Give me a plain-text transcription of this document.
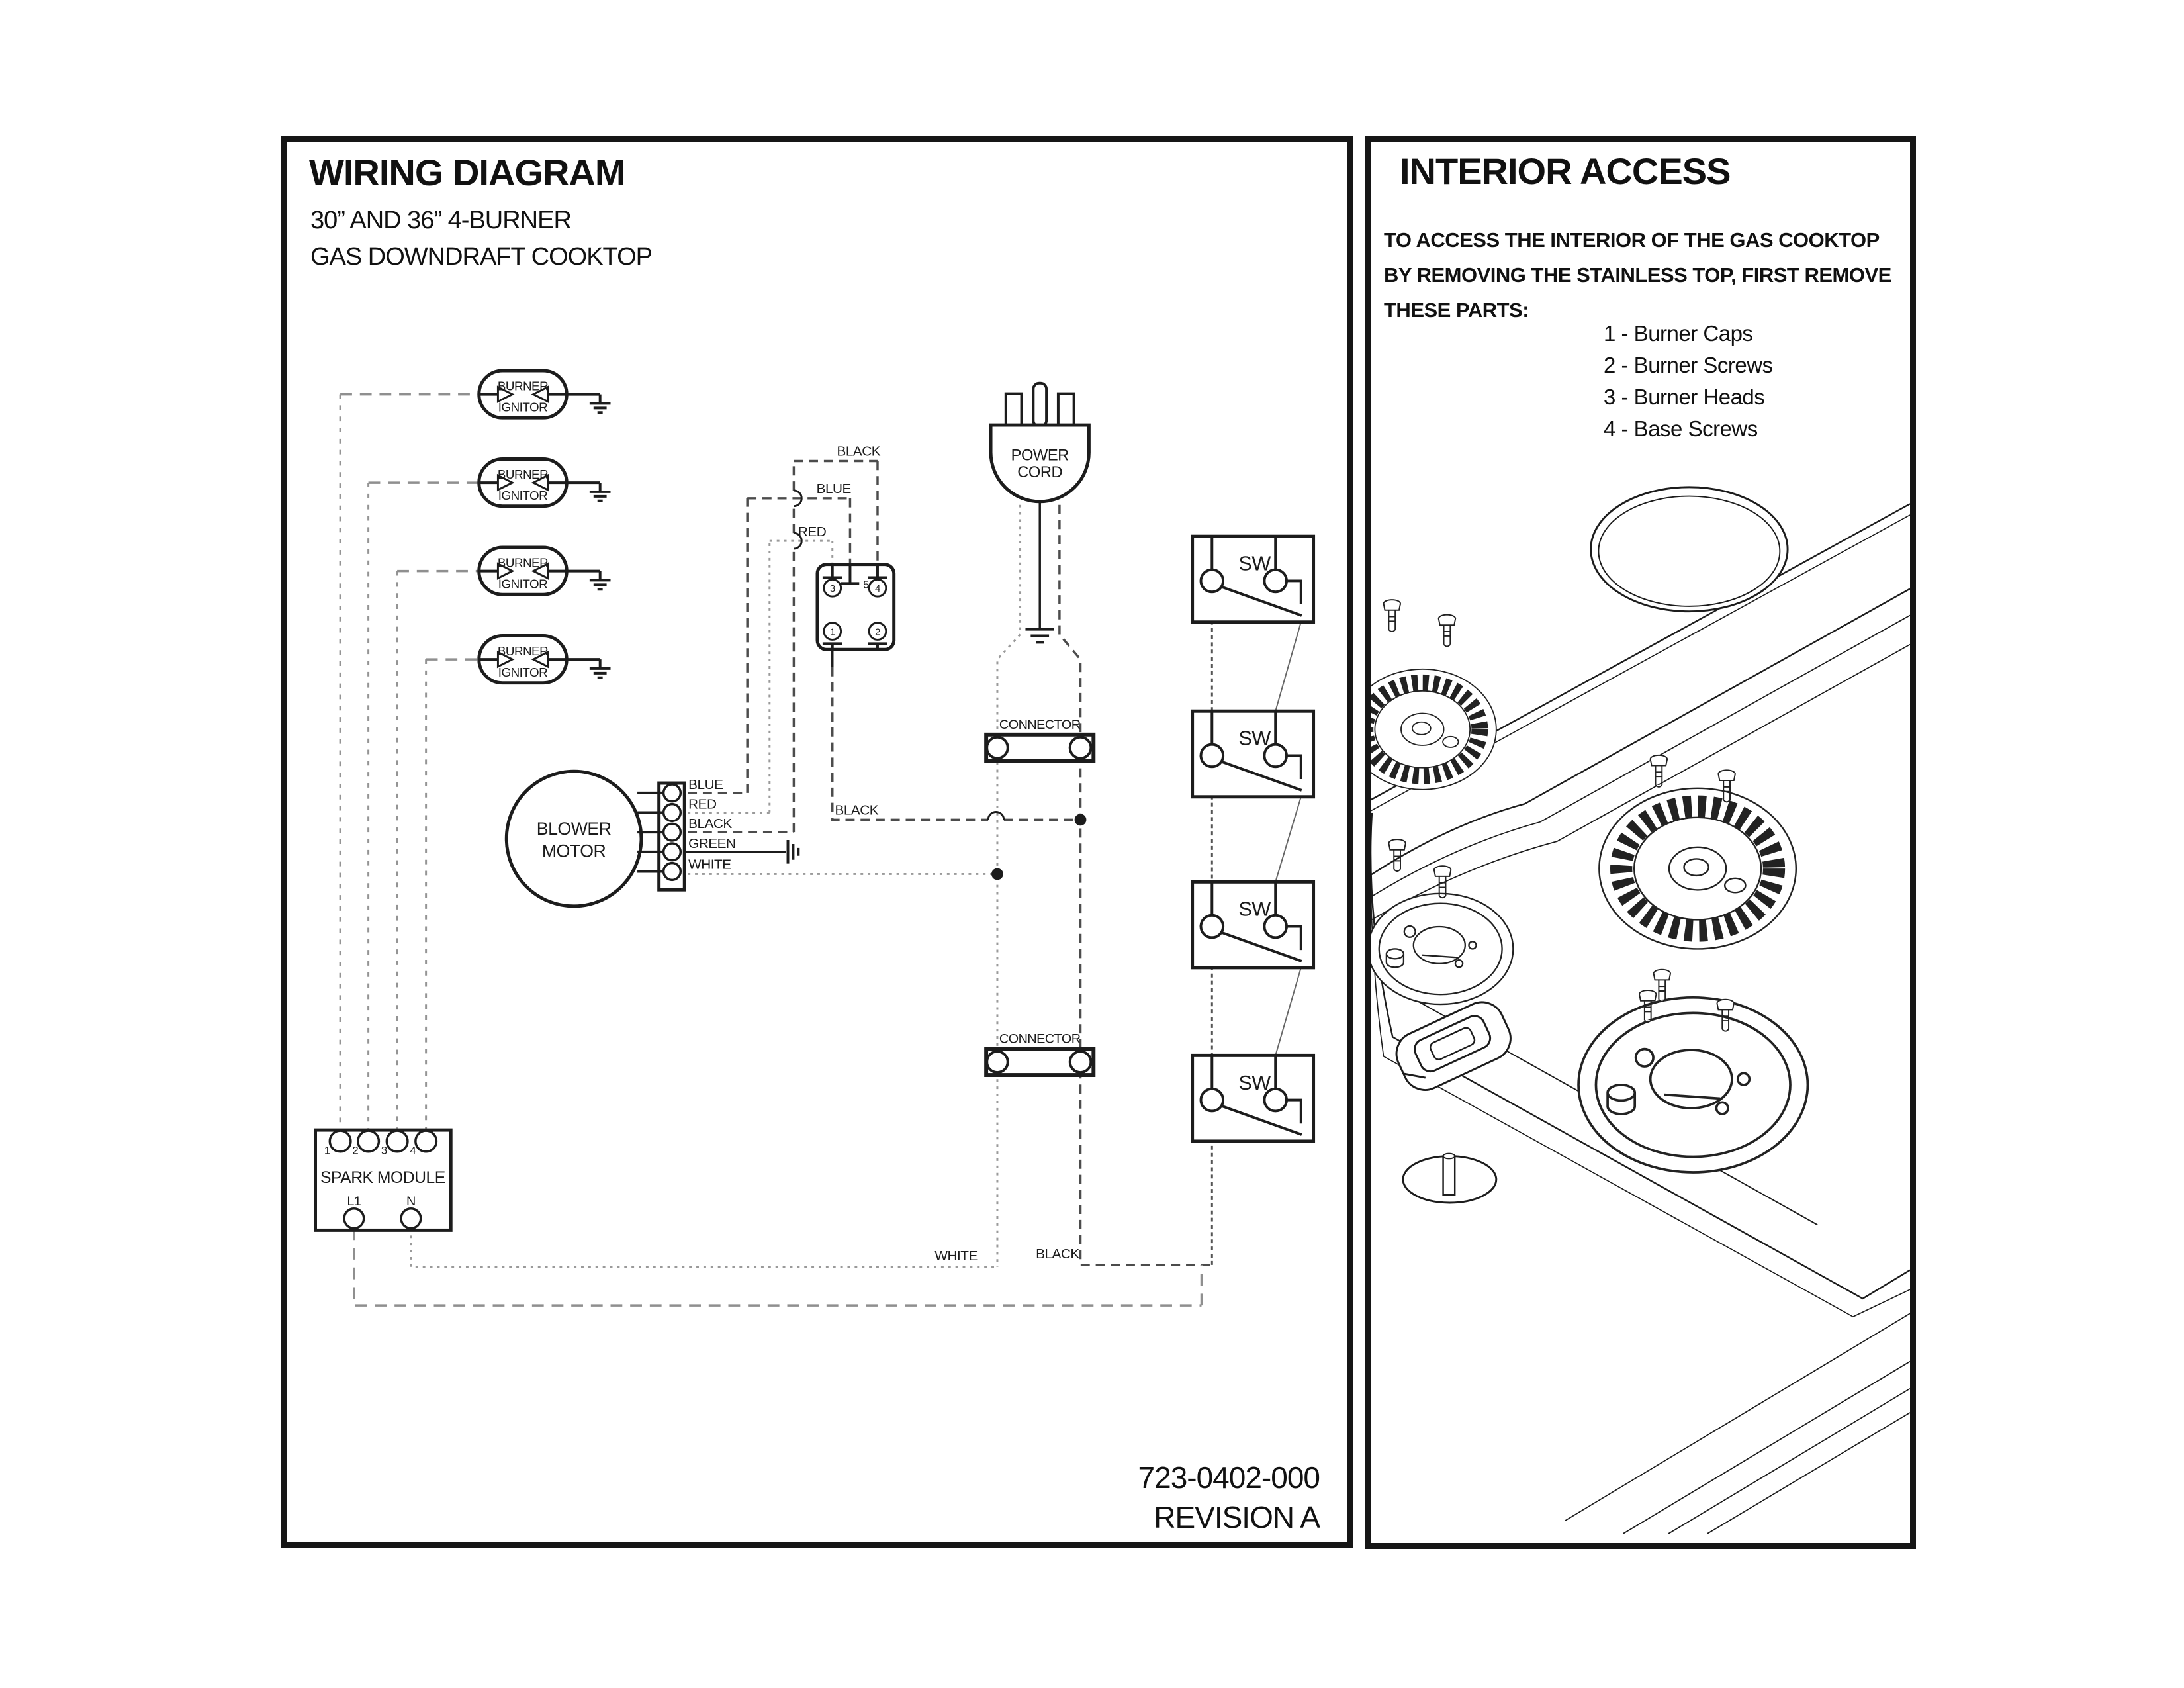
WIRING DIAGRAM
30” AND 36” 4-BURNER
GAS DOWNDRAFT COOKTOP
BURNER
IGNITOR
BURNER
IGNITOR
BURNER
IGNITOR
BURNER
IGNITOR
POWER
CORD
3	4
1	2
5
BLACK
BLUE
RED
BLACK
CONNECTOR
CONNECTOR
BLOWER
MOTOR
BLUE
RED
BLACK
GREEN
WHITE
SW
SW
SW
SW
1 2 3 4
SPARK MODULE
L1	N
WHITE	BLACK
723-0402-000
REVISION A
INTERIOR ACCESS
TO ACCESS THE INTERIOR OF THE GAS COOKTOP
BY REMOVING THE STAINLESS TOP, FIRST REMOVE
THESE PARTS:
1 - Burner Caps
2 - Burner Screws
3 - Burner Heads
4 - Base Screws
